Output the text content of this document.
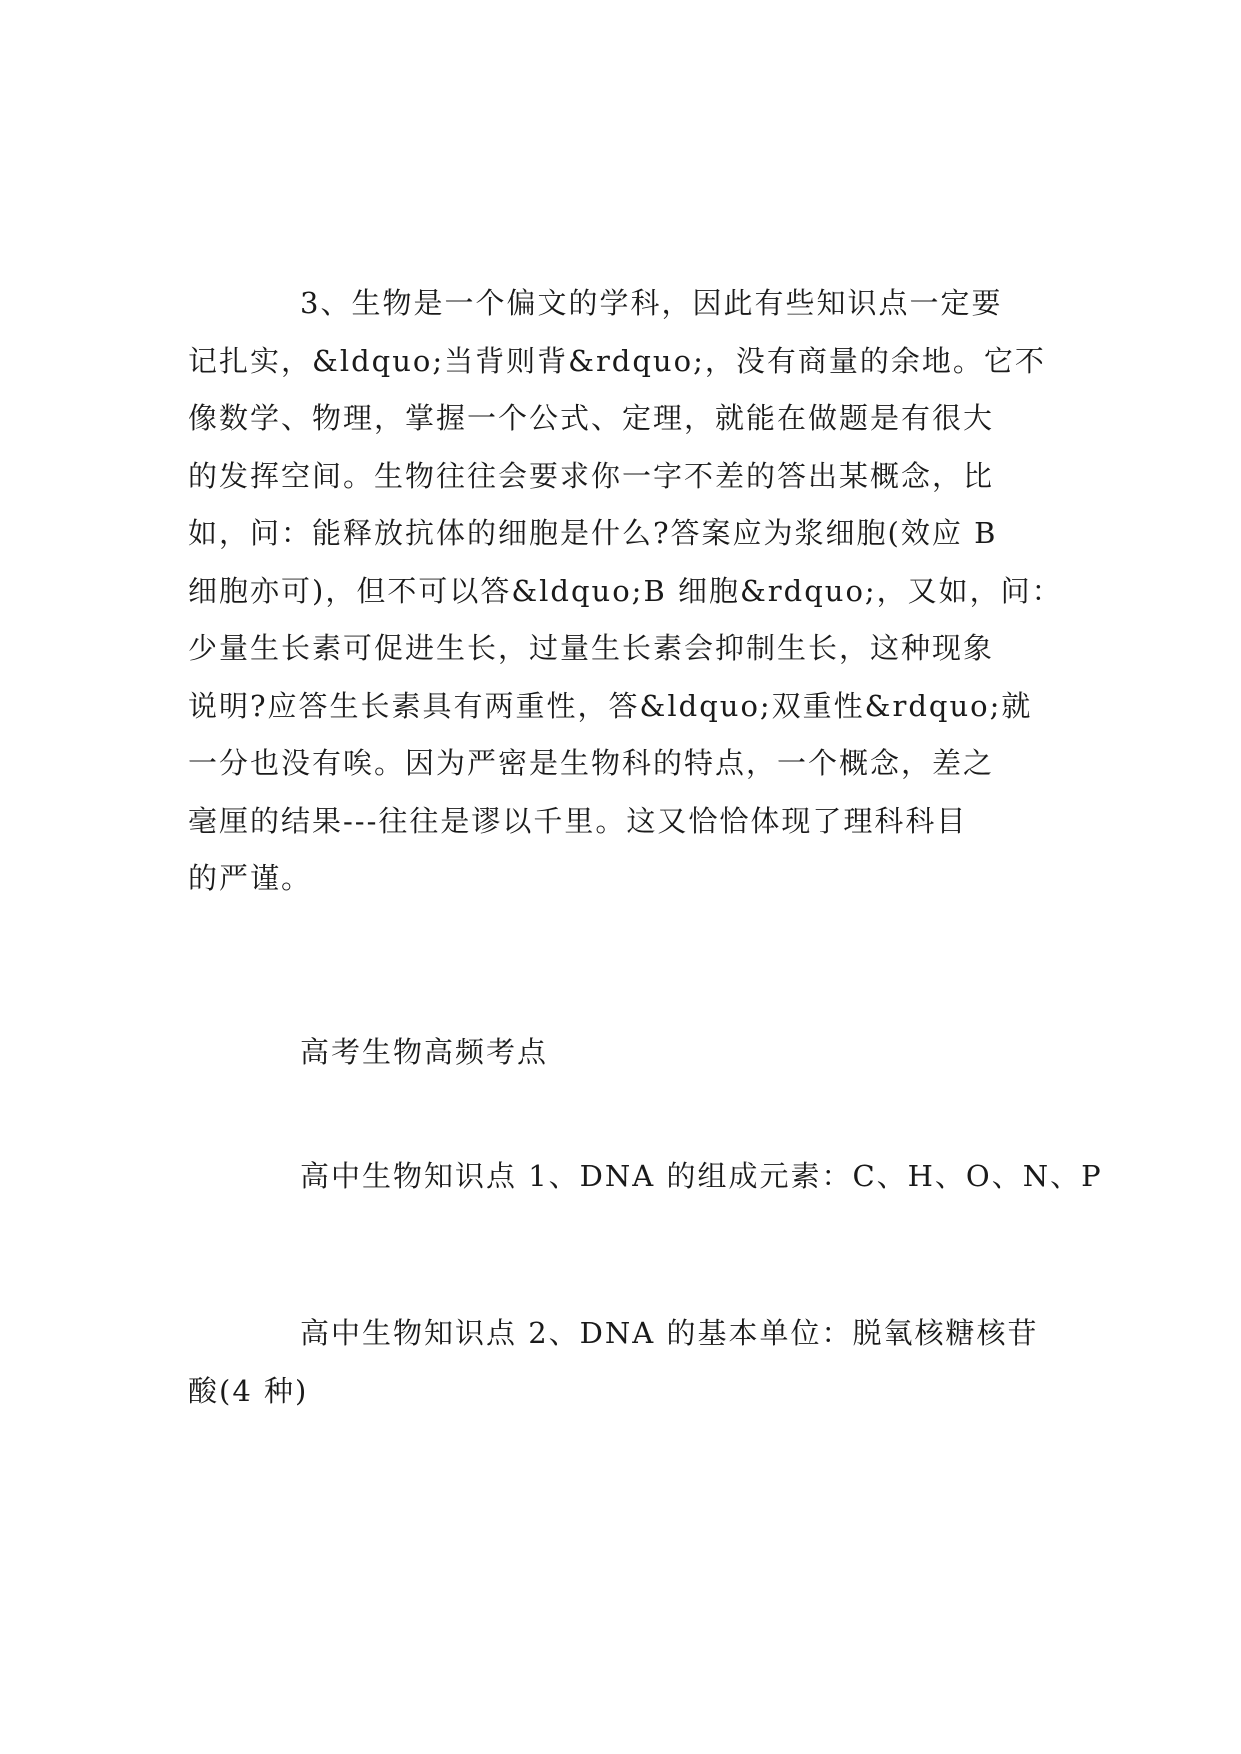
3、生物是一个偏文的学科，因此有些知识点一定要
记扎实，&ldquo;当背则背&rdquo;，没有商量的余地。它不
像数学、物理，掌握一个公式、定理，就能在做题是有很大
的发挥空间。生物往往会要求你一字不差的答出某概念，比
如，问：能释放抗体的细胞是什么?答案应为浆细胞(效应 B
细胞亦可)，但不可以答&ldquo;B 细胞&rdquo;，又如，问：
少量生长素可促进生长，过量生长素会抑制生长，这种现象
说明?应答生长素具有两重性，答&ldquo;双重性&rdquo;就
一分也没有唉。因为严密是生物科的特点，一个概念，差之
毫厘的结果---往往是谬以千里。这又恰恰体现了理科科目
的严谨。
高考生物高频考点
高中生物知识点 1、DNA 的组成元素：C、H、O、N、P
高中生物知识点 2、DNA 的基本单位：脱氧核糖核苷
酸(4 种)
